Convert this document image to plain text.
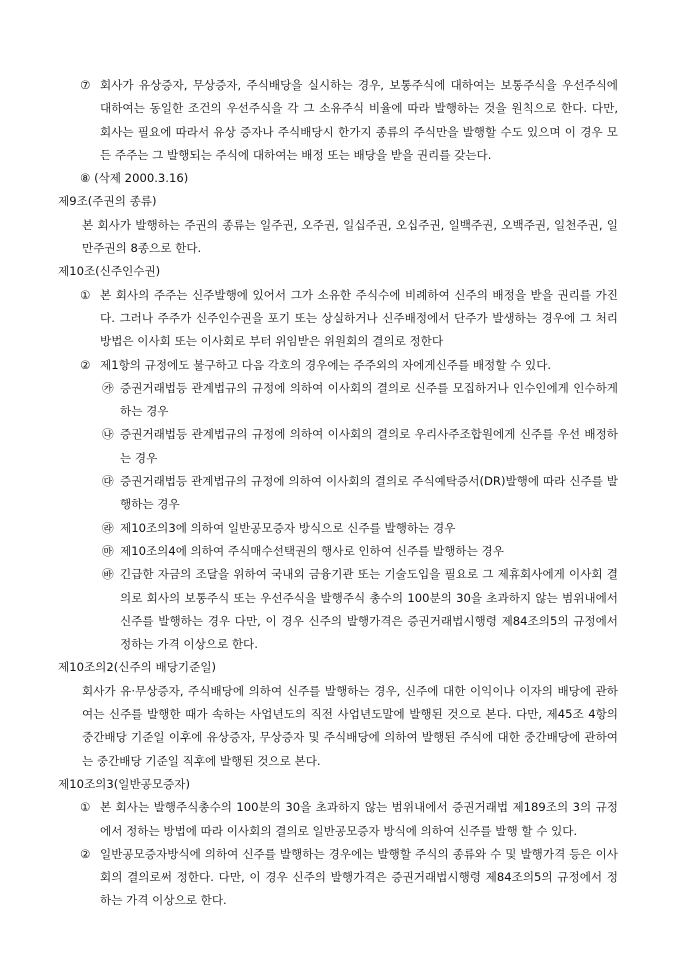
⑦ 회사가 유상증자, 무상증자, 주식배당을 실시하는 경우, 보통주식에 대하여는 보통주식을 우선주식에 대하여는 동일한 조건의 우선주식을 각 그 소유주식 비율에 따라 발행하는 것을 원칙으로 한다. 다만, 회사는 필요에 따라서 유상 증자나 주식배당시 한가지 종류의 주식만을 발행할 수도 있으며 이 경우 모든 주주는 그 발행되는 주식에 대하여는 배정 또는 배당을 받을 권리를 갖는다.

⑧ (삭제 2000.3.16)

제9조(주권의 종류)

본 회사가 발행하는 주권의 종류는 일주권, 오주권, 일십주권, 오십주권, 일백주권, 오백주권, 일천주권, 일만주권의 8종으로 한다.

제10조(신주인수권)

① 본 회사의 주주는 신주발행에 있어서 그가 소유한 주식수에 비례하여 신주의 배정을 받을 권리를 가진다. 그러나 주주가 신주인수권을 포기 또는 상실하거나 신주배정에서 단주가 발생하는 경우에 그 처리방법은 이사회 또는 이사회로 부터 위임받은 위원회의 결의로 정한다

② 제1항의 규정에도 불구하고 다음 각호의 경우에는 주주외의 자에게신주를 배정할 수 있다.

㉮ 증권거래법등 관계법규의 규정에 의하여 이사회의 결의로 신주를 모집하거나 인수인에게 인수하게 하는 경우

㉯ 증권거래법등 관계법규의 규정에 의하여 이사회의 결의로 우리사주조합원에게 신주를 우선 배정하는 경우

㉰ 증권거래법등 관계법규의 규정에 의하여 이사회의 결의로 주식예탁증서(DR)발행에 따라 신주를 발행하는 경우

㉱ 제10조의3에 의하여 일반공모증자 방식으로 신주를 발행하는 경우

㉲ 제10조의4에 의하여 주식매수선택권의 행사로 인하여 신주를 발행하는 경우

㉳ 긴급한 자금의 조달을 위하여 국내외 금융기관 또는 기술도입을 필요로 그 제휴회사에게 이사회 결의로 회사의 보통주식 또는 우선주식을 발행주식 총수의 100분의 30을 초과하지 않는 범위내에서 신주를 발행하는 경우 다만, 이 경우 신주의 발행가격은 증권거래법시행령 제84조의5의 규정에서 정하는 가격 이상으로 한다.

제10조의2(신주의 배당기준일)

회사가 유·무상증자, 주식배당에 의하여 신주를 발행하는 경우, 신주에 대한 이익이나 이자의 배당에 관하여는 신주를 발행한 때가 속하는 사업년도의 직전 사업년도말에 발행된 것으로 본다. 다만, 제45조 4항의 중간배당 기준일 이후에 유상증자, 무상증자 및 주식배당에 의하여 발행된 주식에 대한 중간배당에 관하여는 중간배당 기준일 직후에 발행된 것으로 본다.

제10조의3(일반공모증자)

① 본 회사는 발행주식총수의 100분의 30을 초과하지 않는 범위내에서 증권거래법 제189조의 3의 규정에서 정하는 방법에 따라 이사회의 결의로 일반공모증자 방식에 의하여 신주를 발행 할 수 있다.

② 일반공모증자방식에 의하여 신주를 발행하는 경우에는 발행할 주식의 종류와 수 및 발행가격 등은 이사회의 결의로써 정한다. 다만, 이 경우 신주의 발행가격은 증권거래법시행령 제84조의5의 규정에서 정하는 가격 이상으로 한다.
